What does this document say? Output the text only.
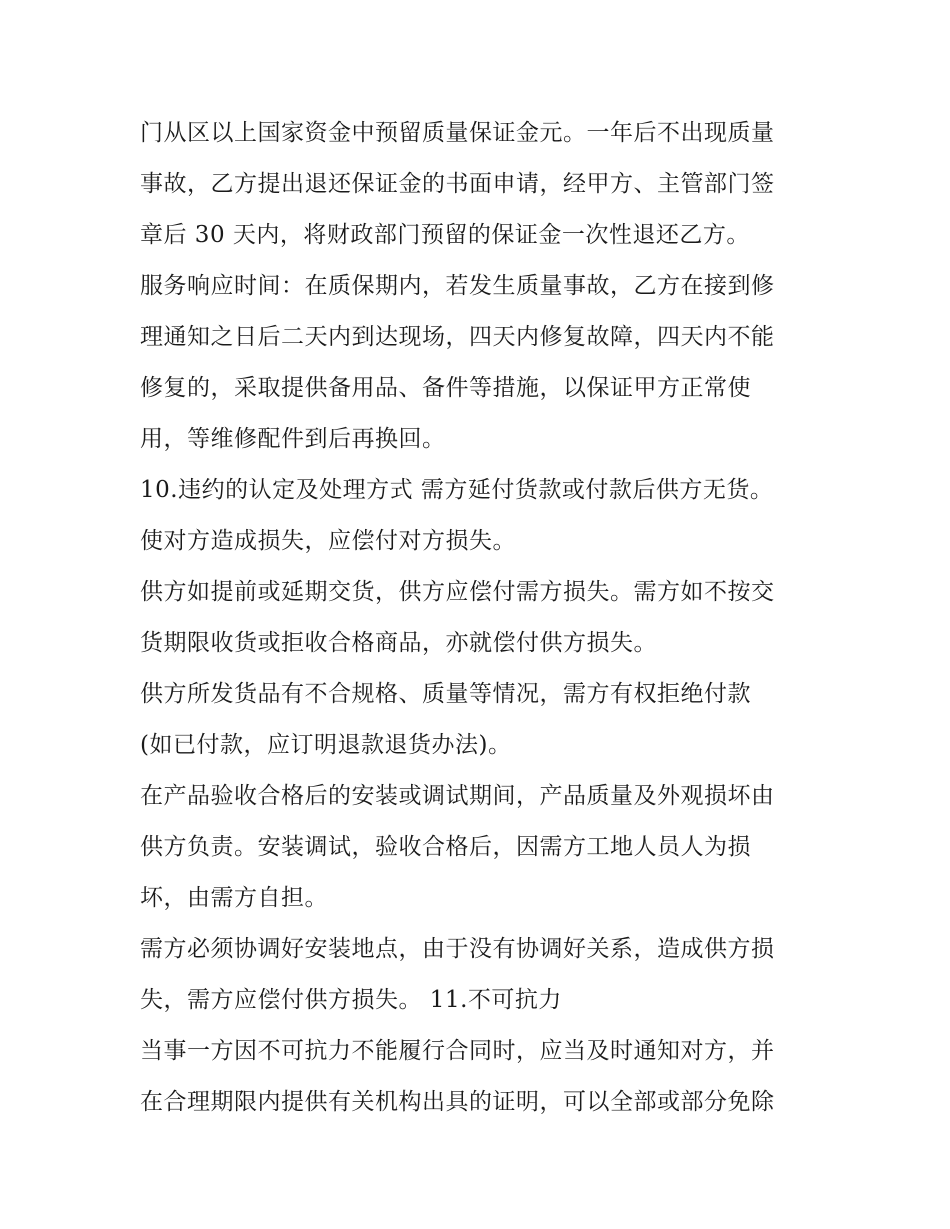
门从区以上国家资金中预留质量保证金元。一年后不出现质量
事故，乙方提出退还保证金的书面申请，经甲方、主管部门签
章后 30 天内，将财政部门预留的保证金一次性退还乙方。
服务响应时间：在质保期内，若发生质量事故，乙方在接到修
理通知之日后二天内到达现场，四天内修复故障，四天内不能
修复的，采取提供备用品、备件等措施，以保证甲方正常使
用，等维修配件到后再换回。
10.违约的认定及处理方式 需方延付货款或付款后供方无货。
使对方造成损失，应偿付对方损失。
供方如提前或延期交货，供方应偿付需方损失。需方如不按交
货期限收货或拒收合格商品，亦就偿付供方损失。
供方所发货品有不合规格、质量等情况，需方有权拒绝付款
(如已付款，应订明退款退货办法)。
在产品验收合格后的安装或调试期间，产品质量及外观损坏由
供方负责。安装调试，验收合格后，因需方工地人员人为损
坏，由需方自担。
需方必须协调好安装地点，由于没有协调好关系，造成供方损
失，需方应偿付供方损失。 11.不可抗力
当事一方因不可抗力不能履行合同时，应当及时通知对方，并
在合理期限内提供有关机构出具的证明，可以全部或部分免除
